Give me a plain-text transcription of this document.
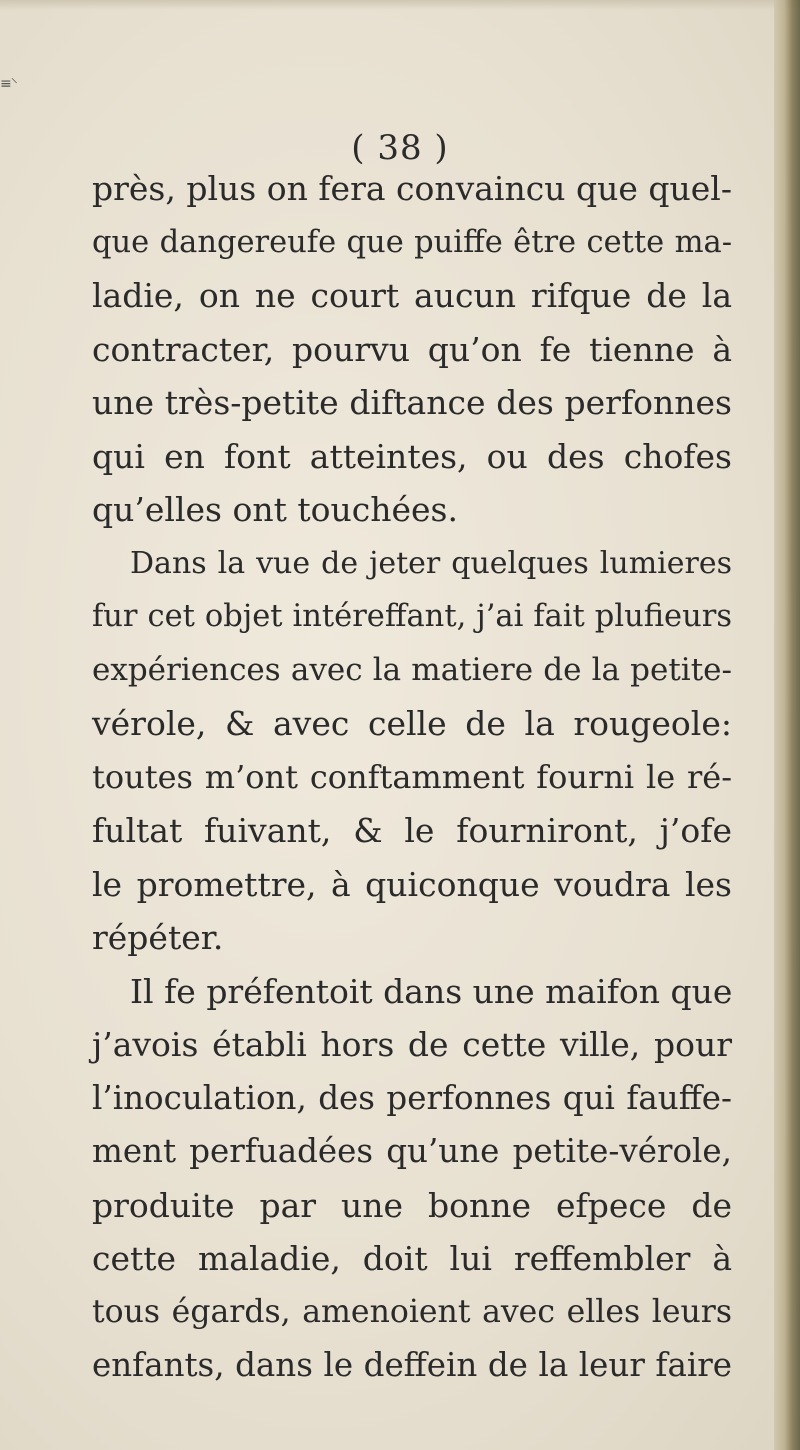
≡⸌
( 38 )
près, plus on fera convaincu que quel-
que dangereufe que puiffe être cette ma-
ladie, on ne court aucun rifque de la
contracter, pourvu qu’on fe tienne à
une très-petite diftance des perfonnes
qui en font atteintes, ou des chofes
qu’elles ont touchées.
Dans la vue de jeter quelques lumieres
fur cet objet intéreffant, j’ai fait plufieurs
expériences avec la matiere de la petite-
vérole, & avec celle de la rougeole:
toutes m’ont conftamment fourni le ré-
fultat fuivant, & le fourniront, j’ofe
le promettre, à quiconque voudra les
répéter.
Il fe préfentoit dans une maifon que
j’avois établi hors de cette ville, pour
l’inoculation, des perfonnes qui fauffe-
ment perfuadées qu’une petite-vérole,
produite par une bonne efpece de
cette maladie, doit lui reffembler à
tous égards, amenoient avec elles leurs
enfants, dans le deffein de la leur faire
